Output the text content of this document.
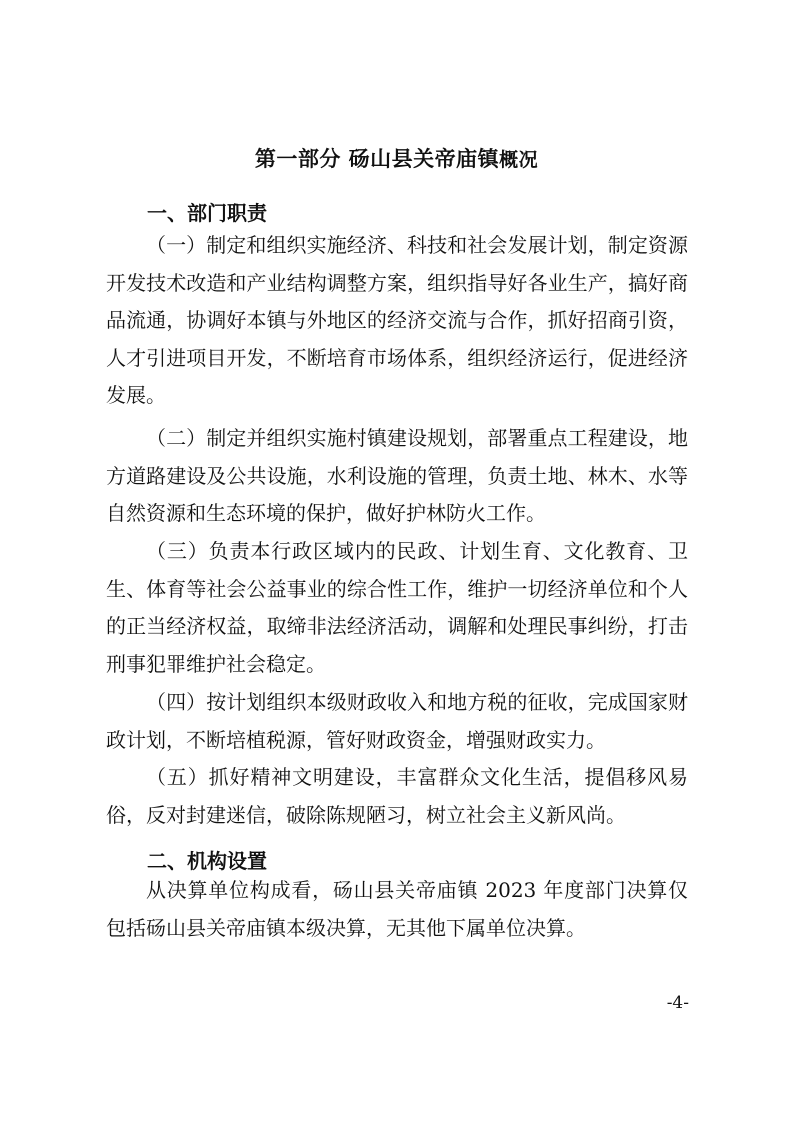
第一部分 砀山县关帝庙镇概况
一、部门职责

（一）制定和组织实施经济、科技和社会发展计划，制定资源开发技术改造和产业结构调整方案，组织指导好各业生产，搞好商品流通，协调好本镇与外地区的经济交流与合作，抓好招商引资，人才引进项目开发，不断培育市场体系，组织经济运行，促进经济发展。

（二）制定并组织实施村镇建设规划，部署重点工程建设，地方道路建设及公共设施，水利设施的管理，负责土地、林木、水等自然资源和生态环境的保护，做好护林防火工作。

（三）负责本行政区域内的民政、计划生育、文化教育、卫生、体育等社会公益事业的综合性工作，维护一切经济单位和个人的正当经济权益，取缔非法经济活动，调解和处理民事纠纷，打击刑事犯罪维护社会稳定。

（四）按计划组织本级财政收入和地方税的征收，完成国家财政计划，不断培植税源，管好财政资金，增强财政实力。

（五）抓好精神文明建设，丰富群众文化生活，提倡移风易俗，反对封建迷信，破除陈规陋习，树立社会主义新风尚。

二、机构设置

从决算单位构成看，砀山县关帝庙镇 2023 年度部门决算仅包括砀山县关帝庙镇本级决算，无其他下属单位决算。

-4-
